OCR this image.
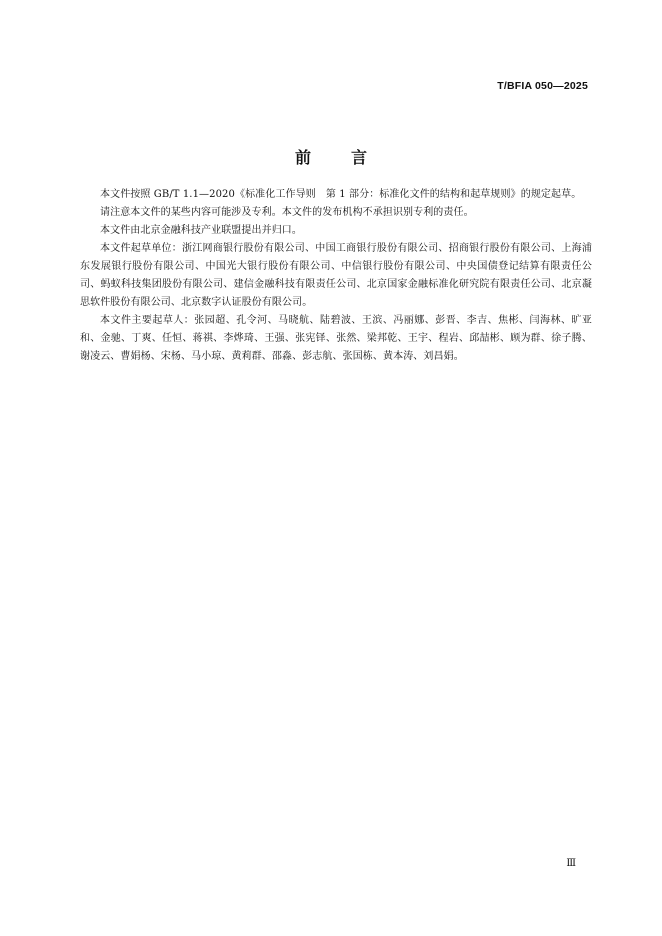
T/BFIA 050—2025
前言

本文件按照 GB/T 1.1—2020《标准化工作导则　第 1 部分：标准化文件的结构和起草规则》的规定起草。

请注意本文件的某些内容可能涉及专利。本文件的发布机构不承担识别专利的责任。

本文件由北京金融科技产业联盟提出并归口。

本文件起草单位：浙江网商银行股份有限公司、中国工商银行股份有限公司、招商银行股份有限公司、上海浦东发展银行股份有限公司、中国光大银行股份有限公司、中信银行股份有限公司、中央国债登记结算有限责任公司、蚂蚁科技集团股份有限公司、建信金融科技有限责任公司、北京国家金融标准化研究院有限责任公司、北京凝思软件股份有限公司、北京数字认证股份有限公司。

本文件主要起草人：张园超、孔令河、马晓航、陆碧波、王滨、冯丽娜、彭晋、李吉、焦彬、闫海林、旷亚和、金驰、丁爽、任恒、蒋祺、李烨琦、王强、张宪铎、张然、梁邦乾、王宇、程岩、邱喆彬、顾为群、徐子腾、谢凌云、曹娟杨、宋杨、马小琼、黄莉群、邵淼、彭志航、张国栋、黄本涛、刘昌娟。

Ⅲ
